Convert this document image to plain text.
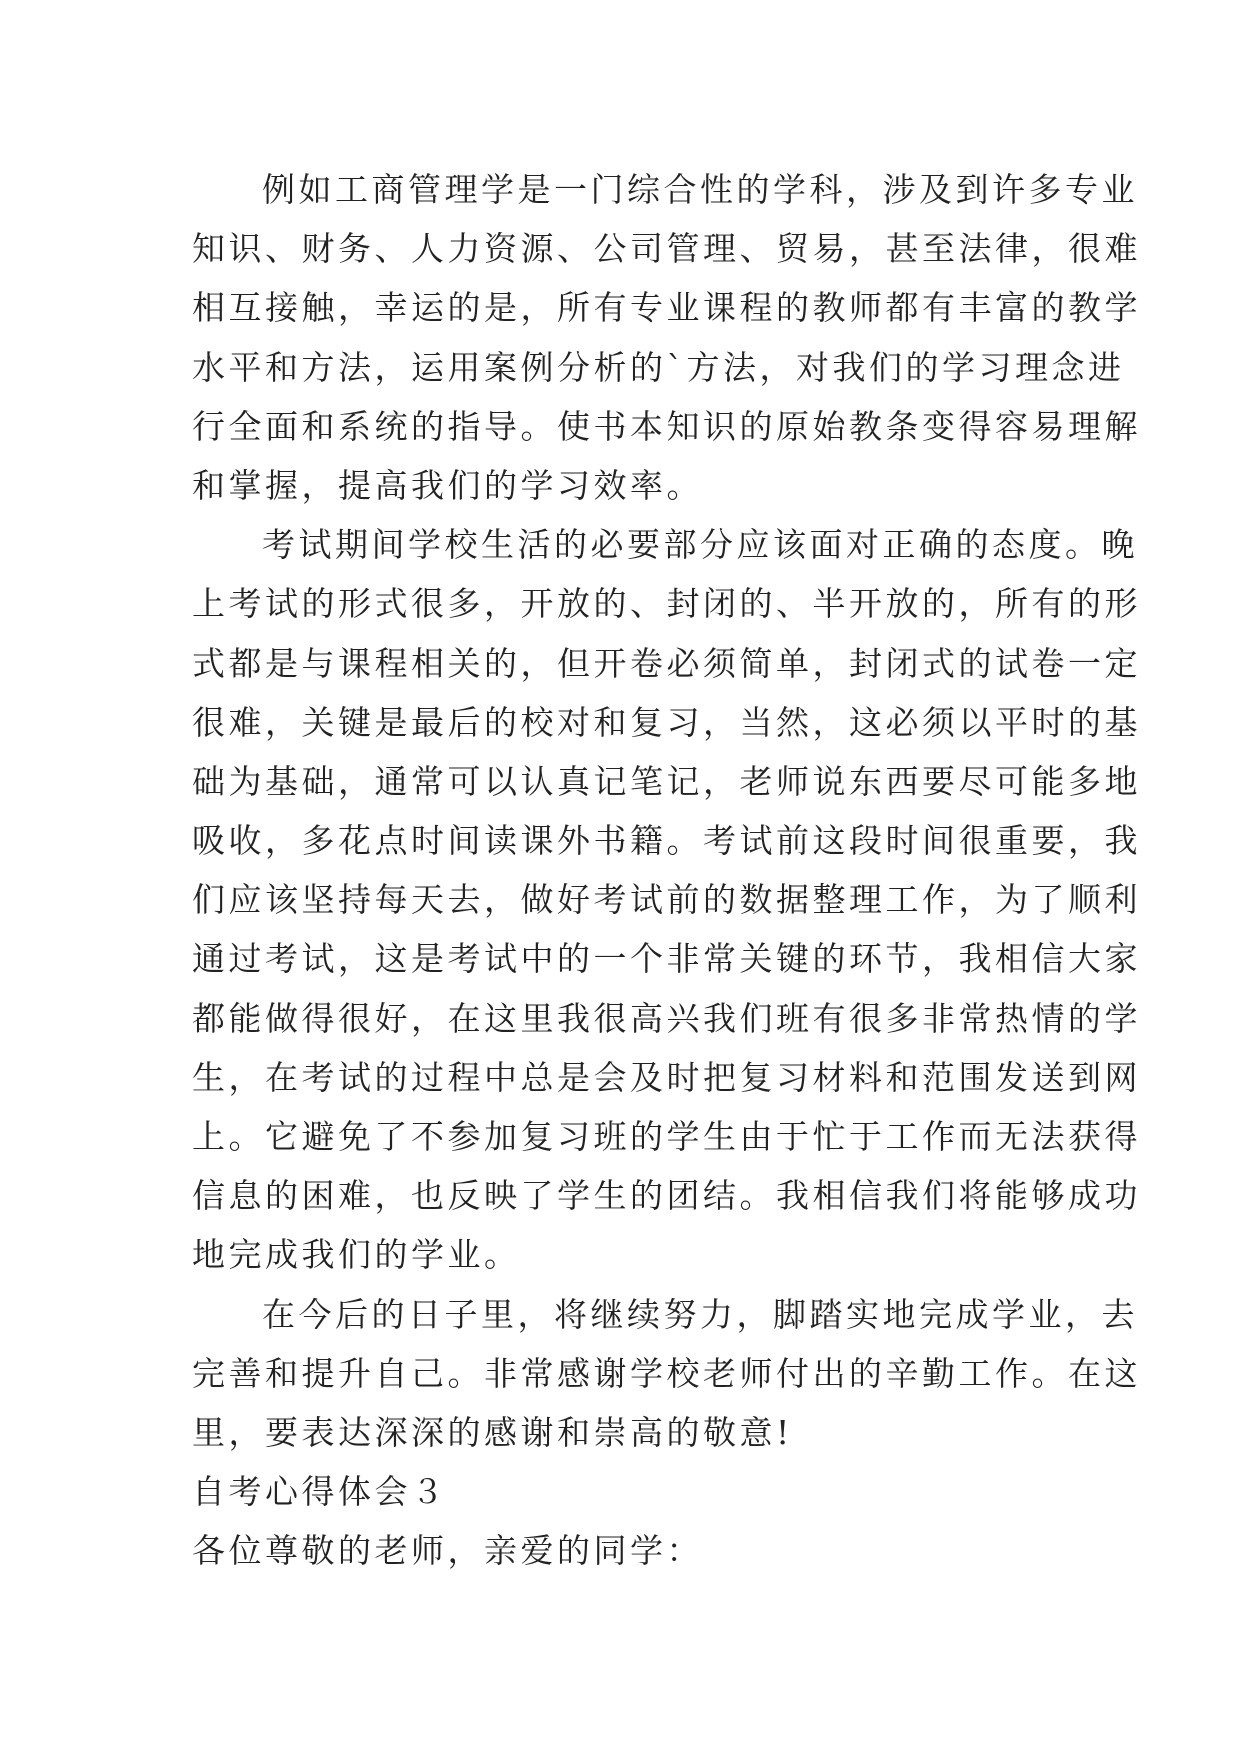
例如工商管理学是一门综合性的学科，涉及到许多专业
知识、财务、人力资源、公司管理、贸易，甚至法律，很难
相互接触，幸运的是，所有专业课程的教师都有丰富的教学
水平和方法，运用案例分析的`方法，对我们的学习理念进
行全面和系统的指导。使书本知识的原始教条变得容易理解
和掌握，提高我们的学习效率。
考试期间学校生活的必要部分应该面对正确的态度。晚
上考试的形式很多，开放的、封闭的、半开放的，所有的形
式都是与课程相关的，但开卷必须简单，封闭式的试卷一定
很难，关键是最后的校对和复习，当然，这必须以平时的基
础为基础，通常可以认真记笔记，老师说东西要尽可能多地
吸收，多花点时间读课外书籍。考试前这段时间很重要，我
们应该坚持每天去，做好考试前的数据整理工作，为了顺利
通过考试，这是考试中的一个非常关键的环节，我相信大家
都能做得很好，在这里我很高兴我们班有很多非常热情的学
生，在考试的过程中总是会及时把复习材料和范围发送到网
上。它避免了不参加复习班的学生由于忙于工作而无法获得
信息的困难，也反映了学生的团结。我相信我们将能够成功
地完成我们的学业。
在今后的日子里，将继续努力，脚踏实地完成学业，去
完善和提升自己。非常感谢学校老师付出的辛勤工作。在这
里，要表达深深的感谢和崇高的敬意!
自考心得体会３
各位尊敬的老师，亲爱的同学：
